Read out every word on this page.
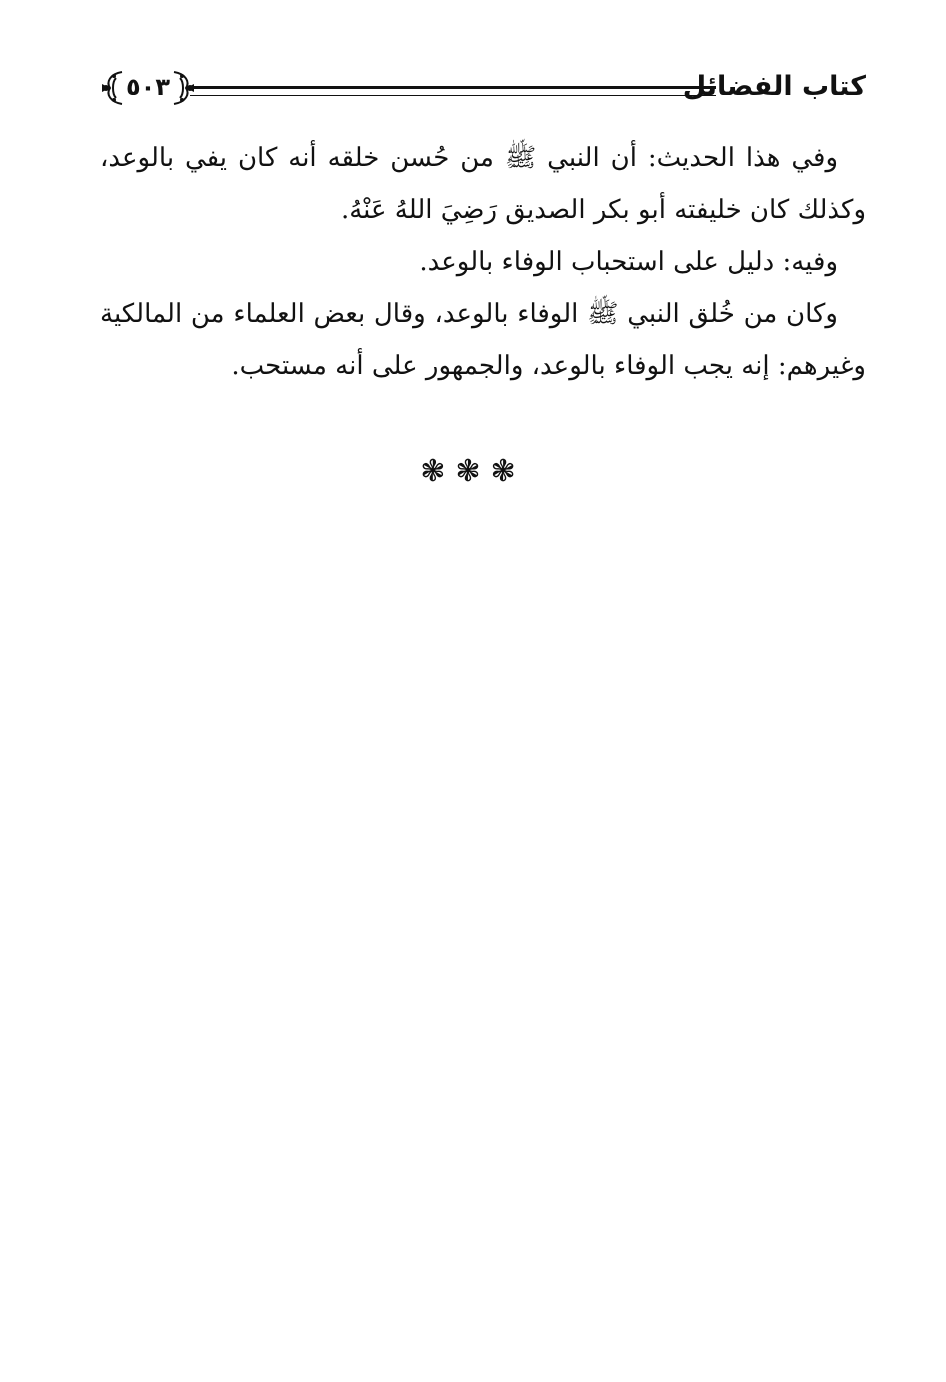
كتاب الفضائل
٥٠٣

وفي هذا الحديث: أن النبي ﷺ من حُسن خلقه أنه كان يفي بالوعد، وكذلك كان خليفته أبو بكر الصديق رَضِيَ اللهُ عَنْهُ.

وفيه: دليل على استحباب الوفاء بالوعد.

وكان من خُلق النبي ﷺ الوفاء بالوعد، وقال بعض العلماء من المالكية وغيرهم: إنه يجب الوفاء بالوعد، والجمهور على أنه مستحب.

❃❃❃
